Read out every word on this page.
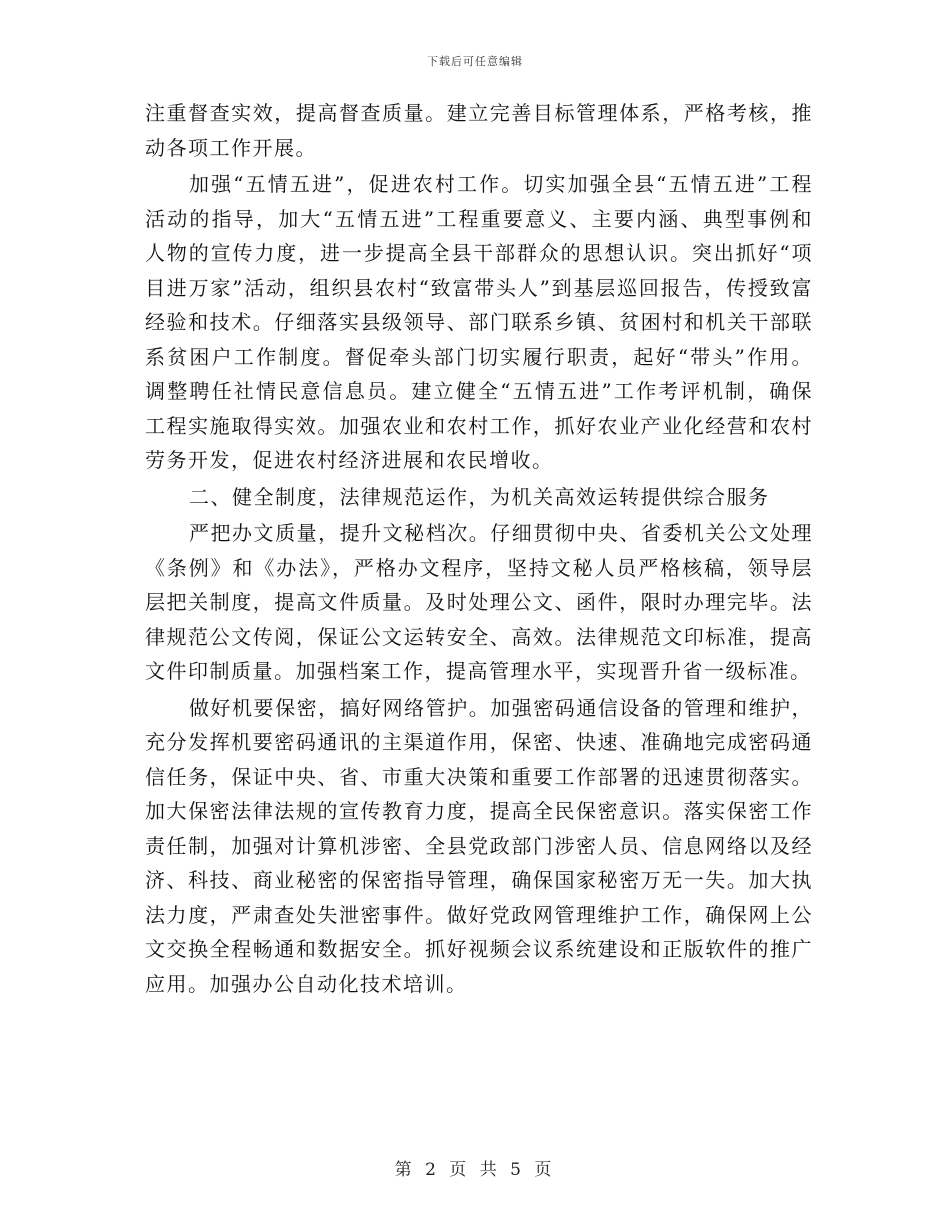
下载后可任意编辑

注重督查实效，提高督查质量。建立完善目标管理体系，严格考核，推动各项工作开展。

加强“五情五进”，促进农村工作。切实加强全县“五情五进”工程活动的指导，加大“五情五进”工程重要意义、主要内涵、典型事例和人物的宣传力度，进一步提高全县干部群众的思想认识。突出抓好“项目进万家”活动，组织县农村“致富带头人”到基层巡回报告，传授致富经验和技术。仔细落实县级领导、部门联系乡镇、贫困村和机关干部联系贫困户工作制度。督促牵头部门切实履行职责，起好“带头”作用。调整聘任社情民意信息员。建立健全“五情五进”工作考评机制，确保工程实施取得实效。加强农业和农村工作，抓好农业产业化经营和农村劳务开发，促进农村经济进展和农民增收。

二、健全制度，法律规范运作，为机关高效运转提供综合服务

严把办文质量，提升文秘档次。仔细贯彻中央、省委机关公文处理《条例》和《办法》，严格办文程序，坚持文秘人员严格核稿，领导层层把关制度，提高文件质量。及时处理公文、函件，限时办理完毕。法律规范公文传阅，保证公文运转安全、高效。法律规范文印标准，提高文件印制质量。加强档案工作，提高管理水平，实现晋升省一级标准。

做好机要保密，搞好网络管护。加强密码通信设备的管理和维护，充分发挥机要密码通讯的主渠道作用，保密、快速、准确地完成密码通信任务，保证中央、省、市重大决策和重要工作部署的迅速贯彻落实。加大保密法律法规的宣传教育力度，提高全民保密意识。落实保密工作责任制，加强对计算机涉密、全县党政部门涉密人员、信息网络以及经济、科技、商业秘密的保密指导管理，确保国家秘密万无一失。加大执法力度，严肃查处失泄密事件。做好党政网管理维护工作，确保网上公文交换全程畅通和数据安全。抓好视频会议系统建设和正版软件的推广应用。加强办公自动化技术培训。

第 2 页 共 5 页
